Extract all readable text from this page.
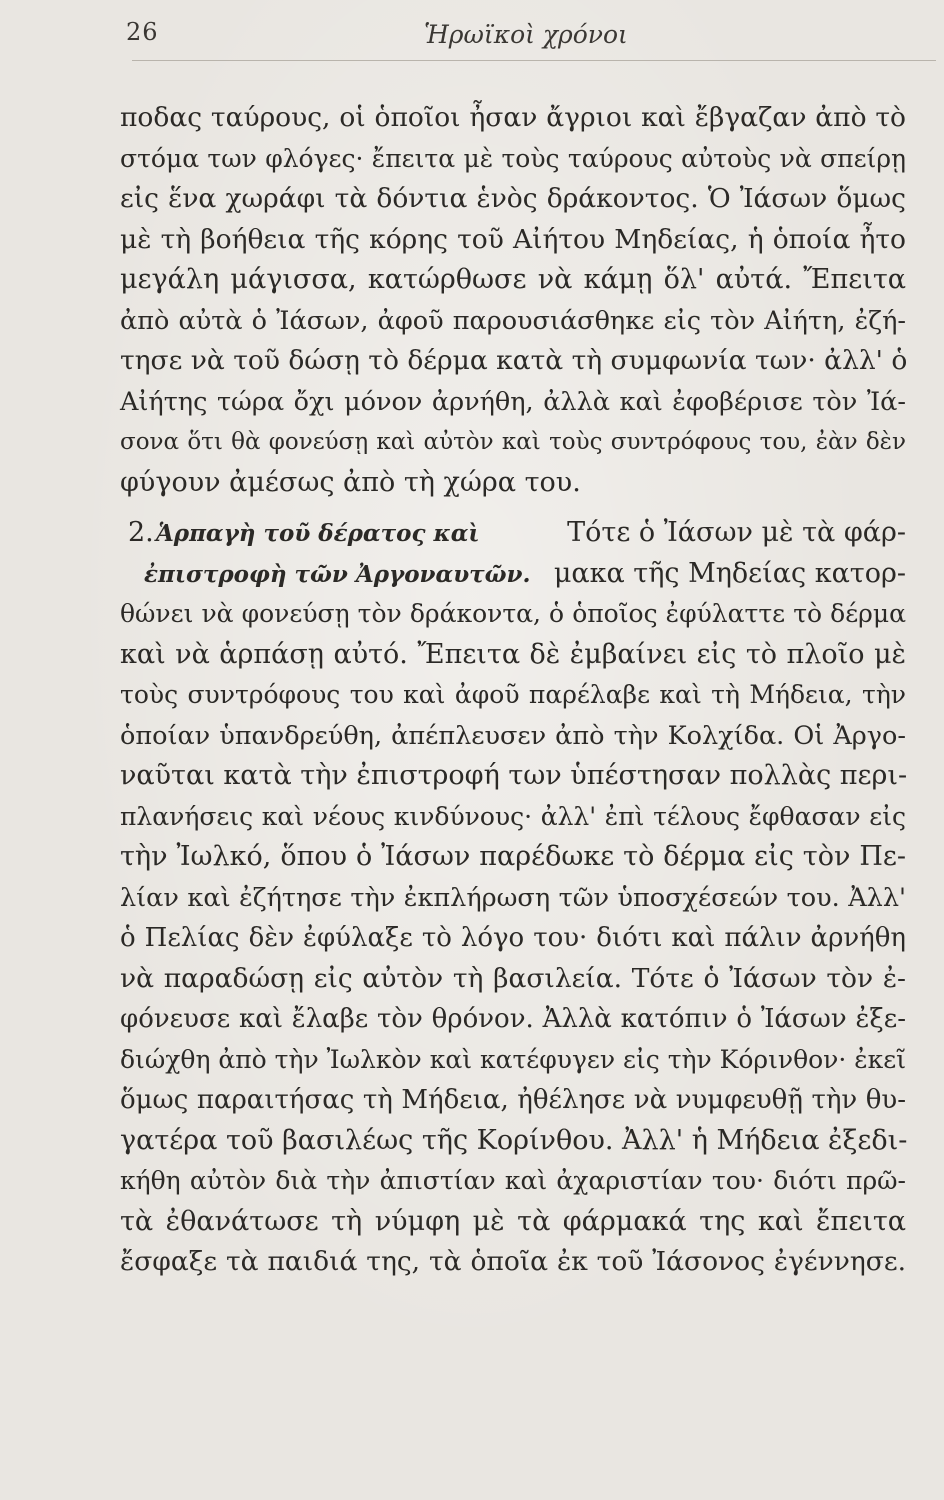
26	Ἡρωϊκοὶ χρόνοι
ποδας ταύρους, οἱ ὁποῖοι ἦσαν ἄγριοι καὶ ἔβγαζαν ἀπὸ τὸ
στόμα των φλόγες· ἔπειτα μὲ τοὺς ταύρους αὐτοὺς νὰ σπείρῃ
εἰς ἕνα χωράφι τὰ δόντια ἑνὸς δράκοντος. Ὁ Ἰάσων ὅμως
μὲ τὴ βοήθεια τῆς κόρης τοῦ Αἰήτου Μηδείας, ἡ ὁποία ἦτο
μεγάλη μάγισσα, κατώρθωσε νὰ κάμῃ ὅλ' αὐτά. Ἔπειτα
ἀπὸ αὐτὰ ὁ Ἰάσων, ἀφοῦ παρουσιάσθηκε εἰς τὸν Αἰήτη, ἐζή-
τησε νὰ τοῦ δώσῃ τὸ δέρμα κατὰ τὴ συμφωνία των· ἀλλ' ὁ
Αἰήτης τώρα ὄχι μόνον ἀρνήθη, ἀλλὰ καὶ ἐφοβέρισε τὸν Ἰά-
σονα ὅτι θὰ φονεύσῃ καὶ αὐτὸν καὶ τοὺς συντρόφους του, ἐὰν δὲν
φύγουν ἀμέσως ἀπὸ τὴ χώρα του.
2. Ἁρπαγὴ τοῦ δέρατος καὶ	Τότε ὁ Ἰάσων μὲ τὰ φάρ-
ἐπιστροφὴ τῶν Ἀργοναυτῶν. μακα τῆς Μηδείας κατορ-
θώνει νὰ φονεύσῃ τὸν δράκοντα, ὁ ὁποῖος ἐφύλαττε τὸ δέρμα
καὶ νὰ ἁρπάσῃ αὐτό. Ἔπειτα δὲ ἐμβαίνει εἰς τὸ πλοῖο μὲ
τοὺς συντρόφους του καὶ ἀφοῦ παρέλαβε καὶ τὴ Μήδεια, τὴν
ὁποίαν ὑπανδρεύθη, ἀπέπλευσεν ἀπὸ τὴν Κολχίδα. Οἱ Ἀργο-
ναῦται κατὰ τὴν ἐπιστροφή των ὑπέστησαν πολλὰς περι-
πλανήσεις καὶ νέους κινδύνους· ἀλλ' ἐπὶ τέλους ἔφθασαν εἰς
τὴν Ἰωλκό, ὅπου ὁ Ἰάσων παρέδωκε τὸ δέρμα εἰς τὸν Πε-
λίαν καὶ ἐζήτησε τὴν ἐκπλήρωση τῶν ὑποσχέσεών του. Ἀλλ'
ὁ Πελίας δὲν ἐφύλαξε τὸ λόγο του· διότι καὶ πάλιν ἀρνήθη
νὰ παραδώσῃ εἰς αὐτὸν τὴ βασιλεία. Τότε ὁ Ἰάσων τὸν ἐ-
φόνευσε καὶ ἔλαβε τὸν θρόνον. Ἀλλὰ κατόπιν ὁ Ἰάσων ἐξε-
διώχθη ἀπὸ τὴν Ἰωλκὸν καὶ κατέφυγεν εἰς τὴν Κόρινθον· ἐκεῖ
ὅμως παραιτήσας τὴ Μήδεια, ἠθέλησε νὰ νυμφευθῇ τὴν θυ-
γατέρα τοῦ βασιλέως τῆς Κορίνθου. Ἀλλ' ἡ Μήδεια ἐξεδι-
κήθη αὐτὸν διὰ τὴν ἀπιστίαν καὶ ἀχαριστίαν του· διότι πρῶ-
τὰ ἐθανάτωσε τὴ νύμφη μὲ τὰ φάρμακά της καὶ ἔπειτα
ἔσφαξε τὰ παιδιά της, τὰ ὁποῖα ἐκ τοῦ Ἰάσονος ἐγέννησε.
